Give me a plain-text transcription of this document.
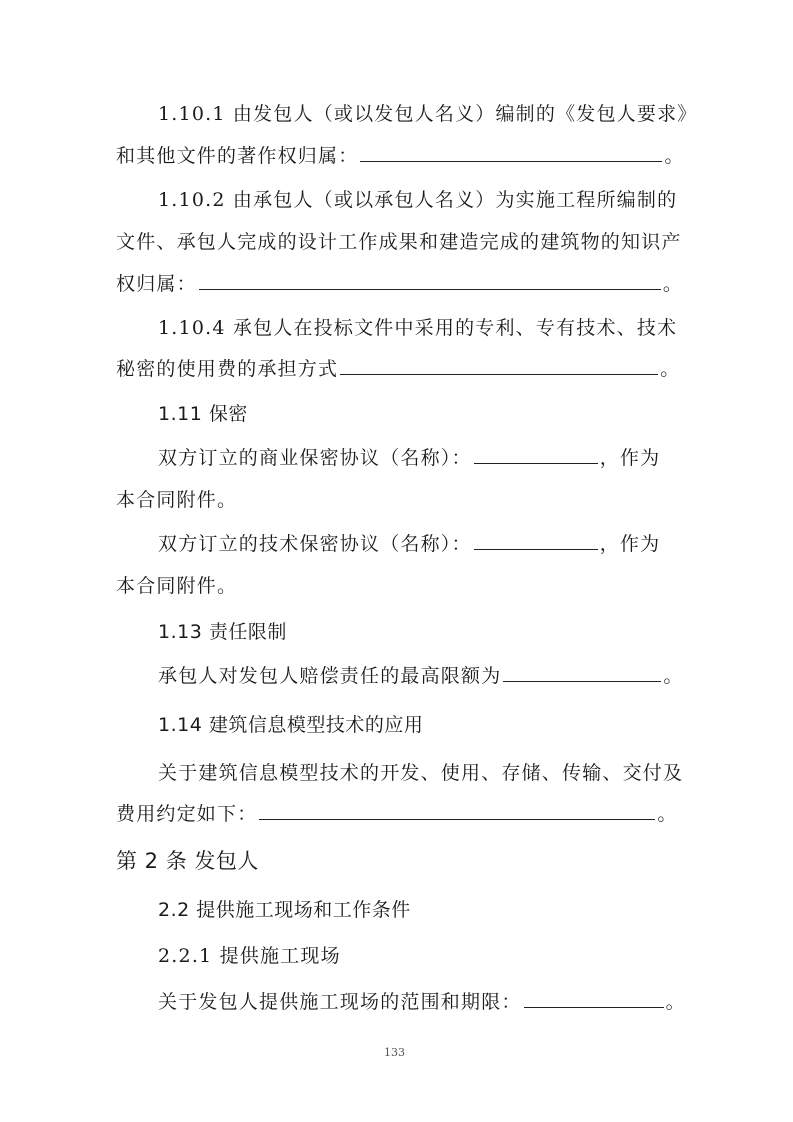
1.10.1 由发包人（或以发包人名义）编制的《发包人要求》
和其他文件的著作权归属：	。
1.10.2 由承包人（或以承包人名义）为实施工程所编制的
文件、承包人完成的设计工作成果和建造完成的建筑物的知识产
权归属：	。
1.10.4 承包人在投标文件中采用的专利、专有技术、技术
秘密的使用费的承担方式	。
1.11 保密
双方订立的商业保密协议（名称）：	，作为
本合同附件。
双方订立的技术保密协议（名称）：	，作为
本合同附件。
1.13 责任限制
承包人对发包人赔偿责任的最高限额为	。
1.14 建筑信息模型技术的应用
关于建筑信息模型技术的开发、使用、存储、传输、交付及
费用约定如下：	。
第 2 条 发包人
2.2 提供施工现场和工作条件
2.2.1 提供施工现场
关于发包人提供施工现场的范围和期限：	。
133
